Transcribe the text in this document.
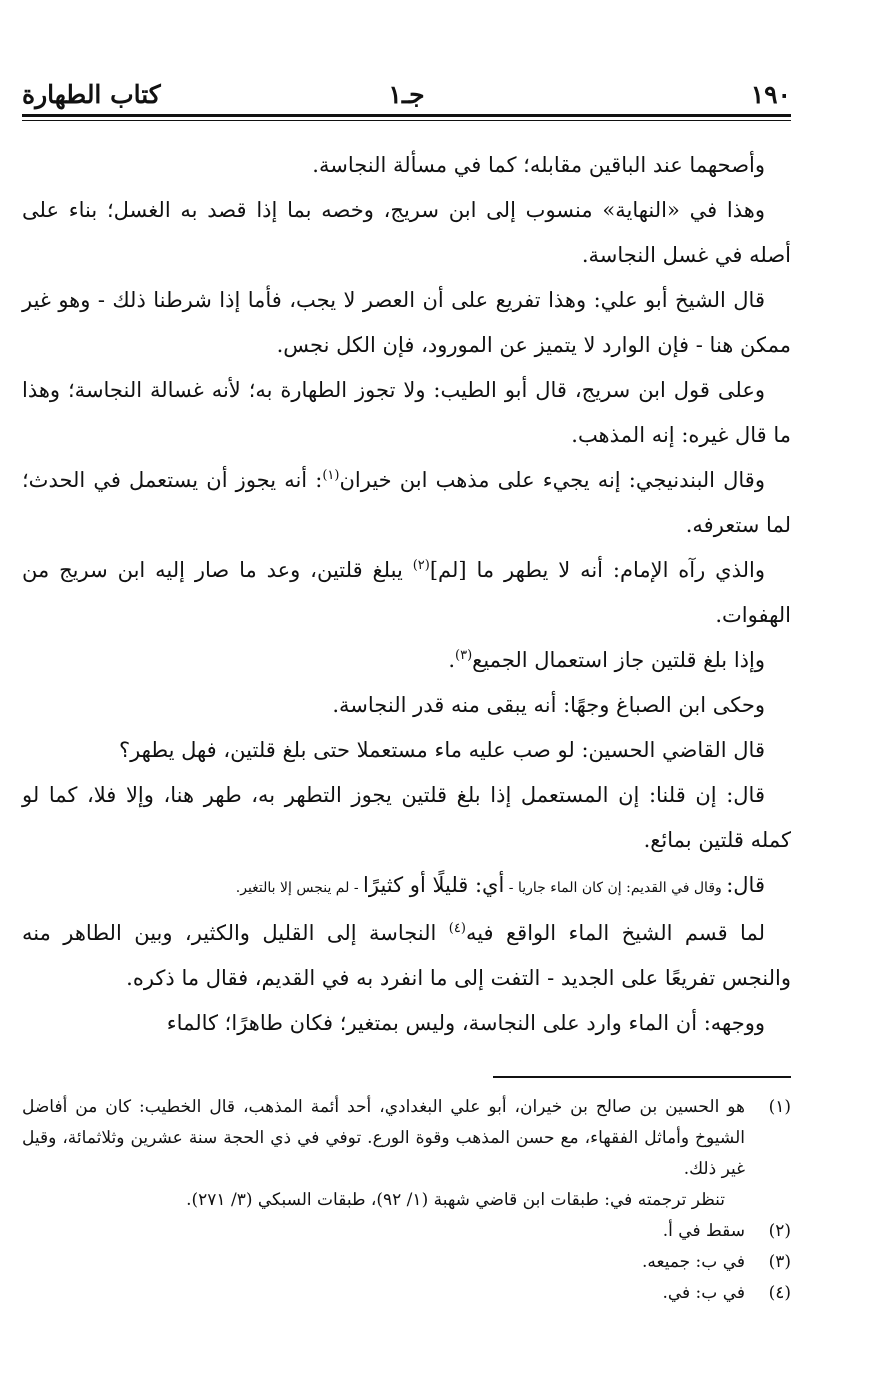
١٩٠
جـ١
كتاب الطهارة

وأصحهما عند الباقين مقابله؛ كما في مسألة النجاسة.

وهذا في «النهاية» منسوب إلى ابن سريج، وخصه بما إذا قصد به الغسل؛ بناء على أصله في غسل النجاسة.

قال الشيخ أبو علي: وهذا تفريع على أن العصر لا يجب، فأما إذا شرطنا ذلك - وهو غير ممكن هنا - فإن الوارد لا يتميز عن المورود، فإن الكل نجس.

وعلى قول ابن سريج، قال أبو الطيب: ولا تجوز الطهارة به؛ لأنه غسالة النجاسة؛ وهذا ما قال غيره: إنه المذهب.

وقال البندنيجي: إنه يجيء على مذهب ابن خيران$^{(١)}$: أنه يجوز أن يستعمل في الحدث؛ لما ستعرفه.

والذي رآه الإمام: أنه لا يطهر ما [لم]$^{(٢)}$ يبلغ قلتين، وعد ما صار إليه ابن سريج من الهفوات.

وإذا بلغ قلتين جاز استعمال الجميع$^{(٣)}$.

وحكى ابن الصباغ وجهًا: أنه يبقى منه قدر النجاسة.

قال القاضي الحسين: لو صب عليه ماء مستعملا حتى بلغ قلتين، فهل يطهر؟

قال: إن قلنا: إن المستعمل إذا بلغ قلتين يجوز التطهر به، طهر هنا، وإلا فلا، كما لو كمله قلتين بمائع.

قال: وقال في القديم: إن كان الماء جاريا - أي: قليلًا أو كثيرًا - لم ينجس إلا بالتغير.

لما قسم الشيخ الماء الواقع فيه$^{(٤)}$ النجاسة إلى القليل والكثير، وبين الطاهر منه والنجس تفريعًا على الجديد - التفت إلى ما انفرد به في القديم، فقال ما ذكره.

ووجهه: أن الماء وارد على النجاسة، وليس بمتغير؛ فكان طاهرًا؛ كالماء

(١)
هو الحسين بن صالح بن خيران، أبو علي البغدادي، أحد أئمة المذهب، قال الخطيب: كان من أفاضل الشيوخ وأماثل الفقهاء، مع حسن المذهب وقوة الورع. توفي في ذي الحجة سنة عشرين وثلاثمائة، وقيل غير ذلك.
تنظر ترجمته في: طبقات ابن قاضي شهبة (١/ ٩٢)، طبقات السبكي (٣/ ٢٧١).
(٢)
سقط في أ.
(٣)
في ب: جميعه.
(٤)
في ب: في.
